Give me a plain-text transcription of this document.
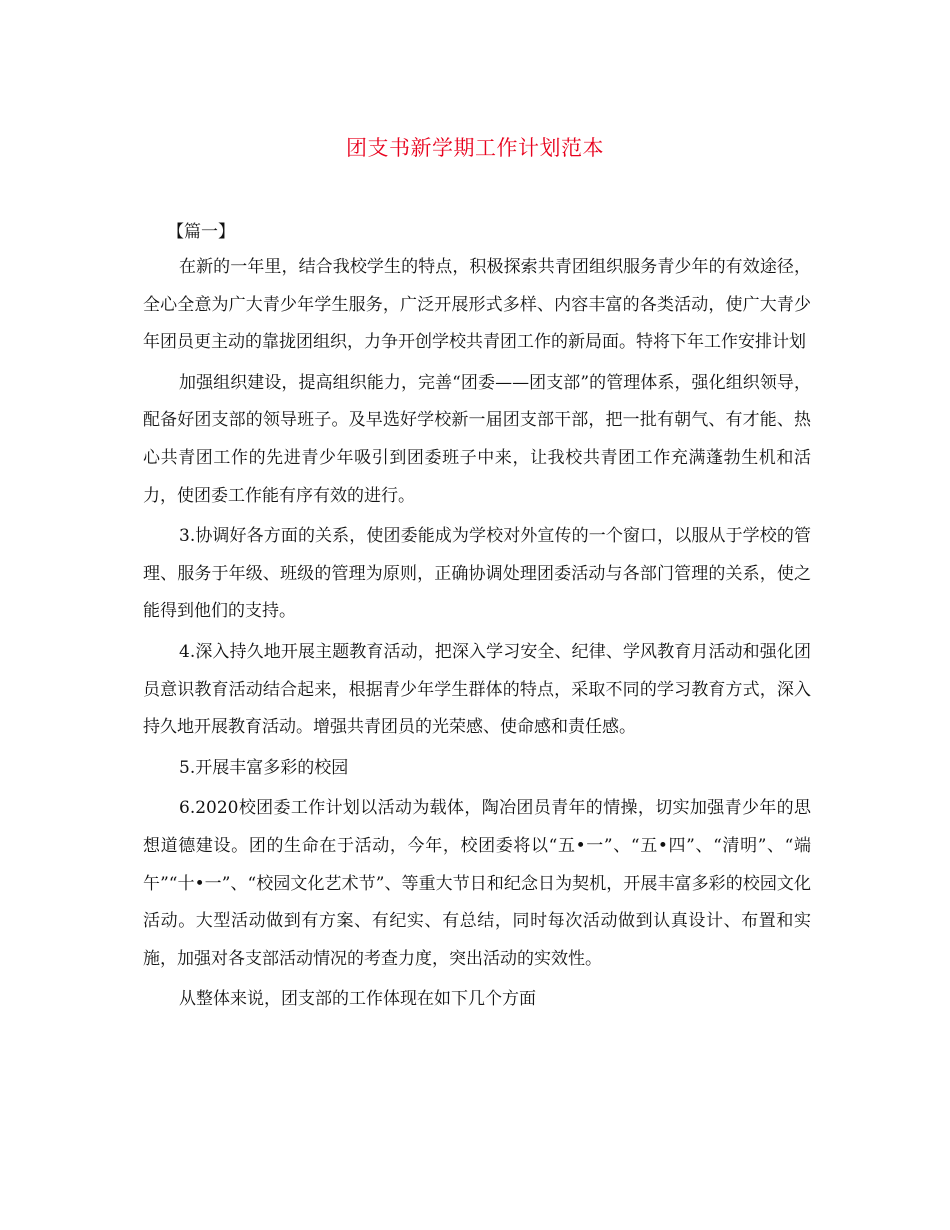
团支书新学期工作计划范本
【篇一】

在新的一年里，结合我校学生的特点，积极探索共青团组织服务青少年的有效途径，全心全意为广大青少年学生服务，广泛开展形式多样、内容丰富的各类活动，使广大青少年团员更主动的靠拢团组织，力争开创学校共青团工作的新局面。特将下年工作安排计划

加强组织建设，提高组织能力，完善“团委——团支部”的管理体系，强化组织领导，配备好团支部的领导班子。及早选好学校新一届团支部干部，把一批有朝气、有才能、热心共青团工作的先进青少年吸引到团委班子中来，让我校共青团工作充满蓬勃生机和活力，使团委工作能有序有效的进行。

3.协调好各方面的关系，使团委能成为学校对外宣传的一个窗口，以服从于学校的管理、服务于年级、班级的管理为原则，正确协调处理团委活动与各部门管理的关系，使之能得到他们的支持。

4.深入持久地开展主题教育活动，把深入学习安全、纪律、学风教育月活动和强化团员意识教育活动结合起来，根据青少年学生群体的特点，采取不同的学习教育方式，深入持久地开展教育活动。增强共青团员的光荣感、使命感和责任感。

5.开展丰富多彩的校园

6.2020校团委工作计划以活动为载体，陶冶团员青年的情操，切实加强青少年的思想道德建设。团的生命在于活动，今年，校团委将以“五•一”、“五•四”、“清明”、“端午”“十•一”、“校园文化艺术节”、等重大节日和纪念日为契机，开展丰富多彩的校园文化活动。大型活动做到有方案、有纪实、有总结，同时每次活动做到认真设计、布置和实施，加强对各支部活动情况的考查力度，突出活动的实效性。

从整体来说，团支部的工作体现在如下几个方面
